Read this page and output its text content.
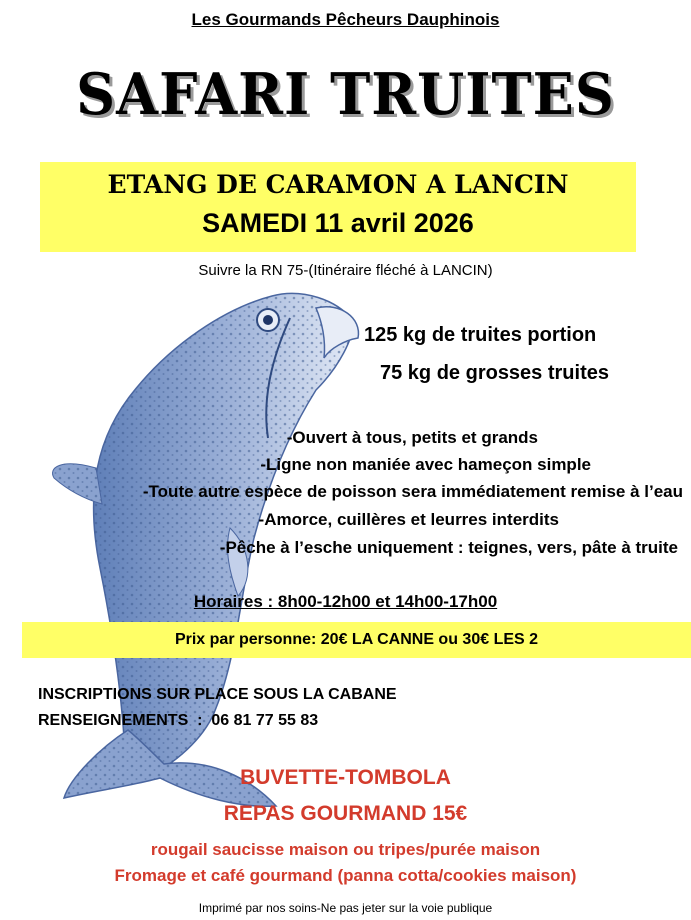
Les Gourmands Pêcheurs Dauphinois
SAFARI TRUITES
ETANG DE CARAMON A LANCIN
SAMEDI 11 avril 2026
Suivre la RN 75-(Itinéraire fléché à LANCIN)
125 kg de truites portion
75 kg de grosses truites
-Ouvert à tous, petits et grands
-Ligne non maniée avec hameçon simple
-Toute autre espèce de poisson sera immédiatement remise à l’eau
-Amorce, cuillères et leurres interdits
-Pêche à l’esche uniquement : teignes, vers, pâte à truite
Horaires : 8h00-12h00 et 14h00-17h00
Prix par personne: 20€ LA CANNE ou 30€ LES 2
INSCRIPTIONS SUR PLACE SOUS LA CABANE
RENSEIGNEMENTS  :  06 81 77 55 83
BUVETTE-TOMBOLA
REPAS GOURMAND 15€
rougail saucisse maison ou tripes/purée maison
Fromage et café gourmand (panna cotta/cookies maison)
Imprimé par nos soins-Ne pas jeter sur la voie publique
